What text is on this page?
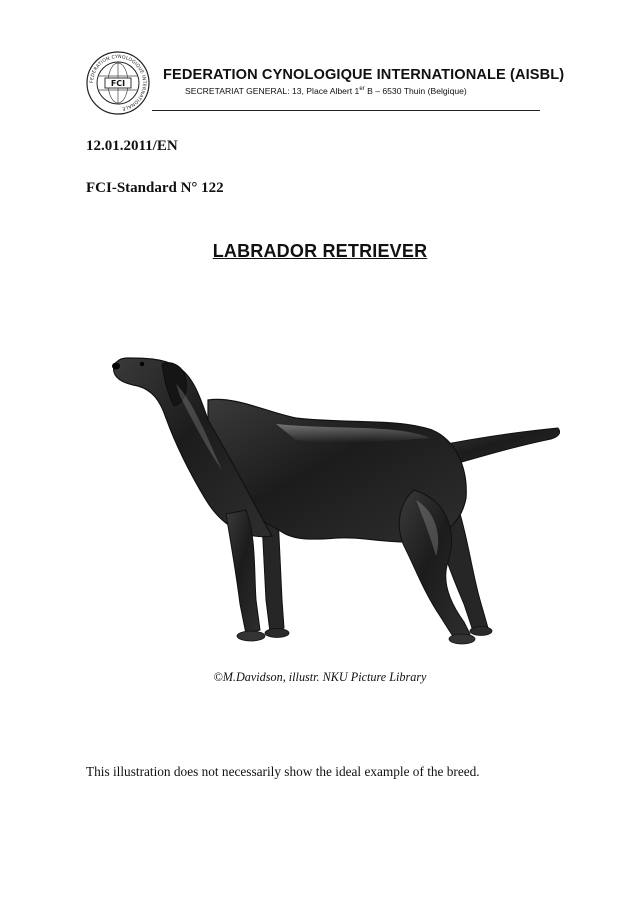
FEDERATION CYNOLOGIQUE INTERNATIONALE
FCI
FEDERATION CYNOLOGIQUE INTERNATIONALE (AISBL)
SECRETARIAT GENERAL: 13, Place Albert 1er B – 6530 Thuin (Belgique)
12.01.2011/EN
FCI-Standard N° 122
LABRADOR RETRIEVER
©M.Davidson, illustr. NKU Picture Library
This illustration does not necessarily show the ideal example of the breed.
